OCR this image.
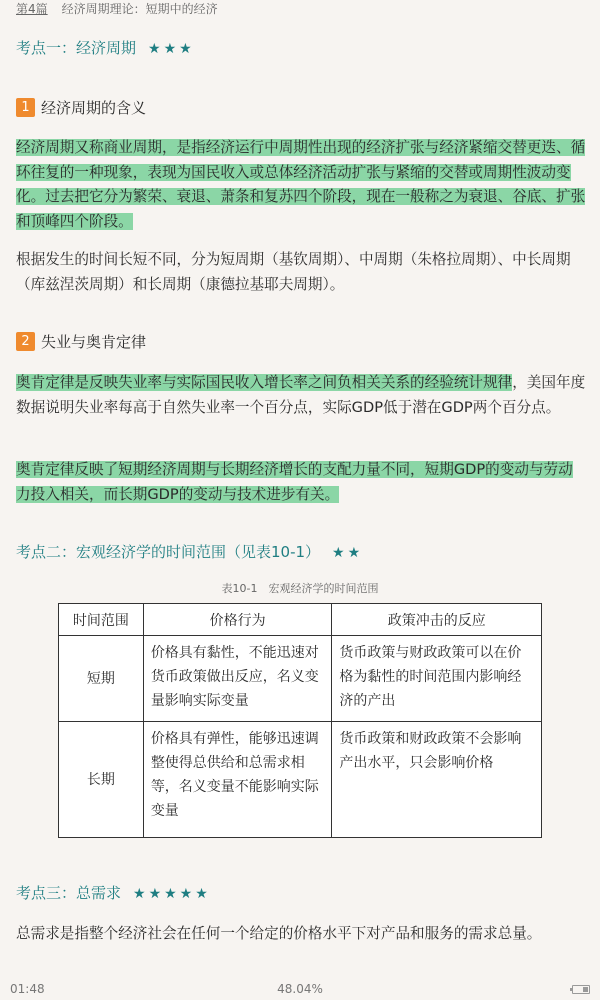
第4篇 经济周期理论：短期中的经济
考点一：经济周期 ★★★
1 经济周期的含义
经济周期又称商业周期，是指经济运行中周期性出现的经济扩张与经济紧缩交替更迭、循环往复的一种现象，表现为国民收入或总体经济活动扩张与紧缩的交替或周期性波动变化。过去把它分为繁荣、衰退、萧条和复苏四个阶段，现在一般称之为衰退、谷底、扩张和顶峰四个阶段。
根据发生的时间长短不同，分为短周期（基钦周期）、中周期（朱格拉周期）、中长周期（库兹涅茨周期）和长周期（康德拉基耶夫周期）。
2 失业与奥肯定律
奥肯定律是反映失业率与实际国民收入增长率之间负相关关系的经验统计规律，美国年度数据说明失业率每高于自然失业率一个百分点，实际GDP低于潜在GDP两个百分点。
奥肯定律反映了短期经济周期与长期经济增长的支配力量不同，短期GDP的变动与劳动力投入相关，而长期GDP的变动与技术进步有关。
考点二：宏观经济学的时间范围（见表10-1） ★★
表10-1　宏观经济学的时间范围
时间范围	价格行为	政策冲击的反应
短期	价格具有黏性，不能迅速对货币政策做出反应，名义变量影响实际变量	货币政策与财政政策可以在价格为黏性的时间范围内影响经济的产出
长期	价格具有弹性，能够迅速调整使得总供给和总需求相等，名义变量不能影响实际变量	货币政策和财政政策不会影响产出水平，只会影响价格
考点三：总需求 ★★★★★
总需求是指整个经济社会在任何一个给定的价格水平下对产品和服务的需求总量。
01:48	48.04%
